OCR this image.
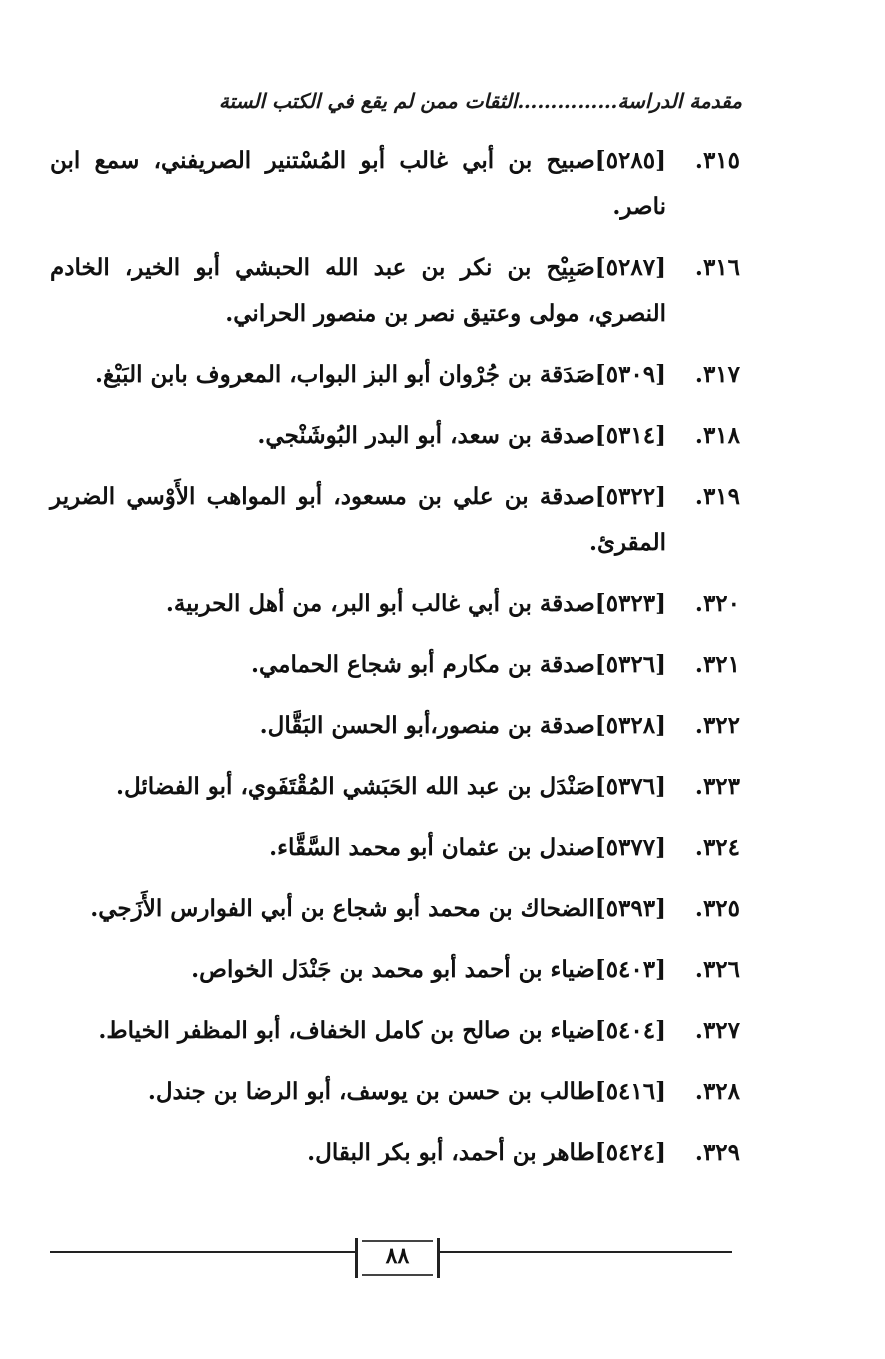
مقدمة الدراسة……………الثقات ممن لم يقع في الكتب الستة
٣١٥.
[٥٢٨٥]صبيح بن أبي غالب أبو المُسْتنير الصريفني، سمع ابن ناصر.
٣١٦.
[٥٢٨٧]صَبِيْح بن نكر بن عبد الله الحبشي أبو الخير، الخادم النصري، مولى وعتيق نصر بن منصور الحراني.
٣١٧.
[٥٣٠٩]صَدَقة بن جُرْوان أبو البز البواب، المعروف بابن البَبْغ.
٣١٨.
[٥٣١٤]صدقة بن سعد، أبو البدر البُوشَنْجي.
٣١٩.
[٥٣٢٢]صدقة بن علي بن مسعود، أبو المواهب الأَوْسي الضرير المقرئ.
٣٢٠.
[٥٣٢٣]صدقة بن أبي غالب أبو البر، من أهل الحربية.
٣٢١.
[٥٣٢٦]صدقة بن مكارم أبو شجاع الحمامي.
٣٢٢.
[٥٣٢٨]صدقة بن منصور،أبو الحسن البَقَّال.
٣٢٣.
[٥٣٧٦]صَنْدَل بن عبد الله الحَبَشي المُقْتَفَوي، أبو الفضائل.
٣٢٤.
[٥٣٧٧]صندل بن عثمان أبو محمد السَّقَّاء.
٣٢٥.
[٥٣٩٣]الضحاك بن محمد أبو شجاع بن أبي الفوارس الأَزَجي.
٣٢٦.
[٥٤٠٣]ضياء بن أحمد أبو محمد بن جَنْدَل الخواص.
٣٢٧.
[٥٤٠٤]ضياء بن صالح بن كامل الخفاف، أبو المظفر الخياط.
٣٢٨.
[٥٤١٦]طالب بن حسن بن يوسف، أبو الرضا بن جندل.
٣٢٩.
[٥٤٢٤]طاهر بن أحمد، أبو بكر البقال.
٨٨
